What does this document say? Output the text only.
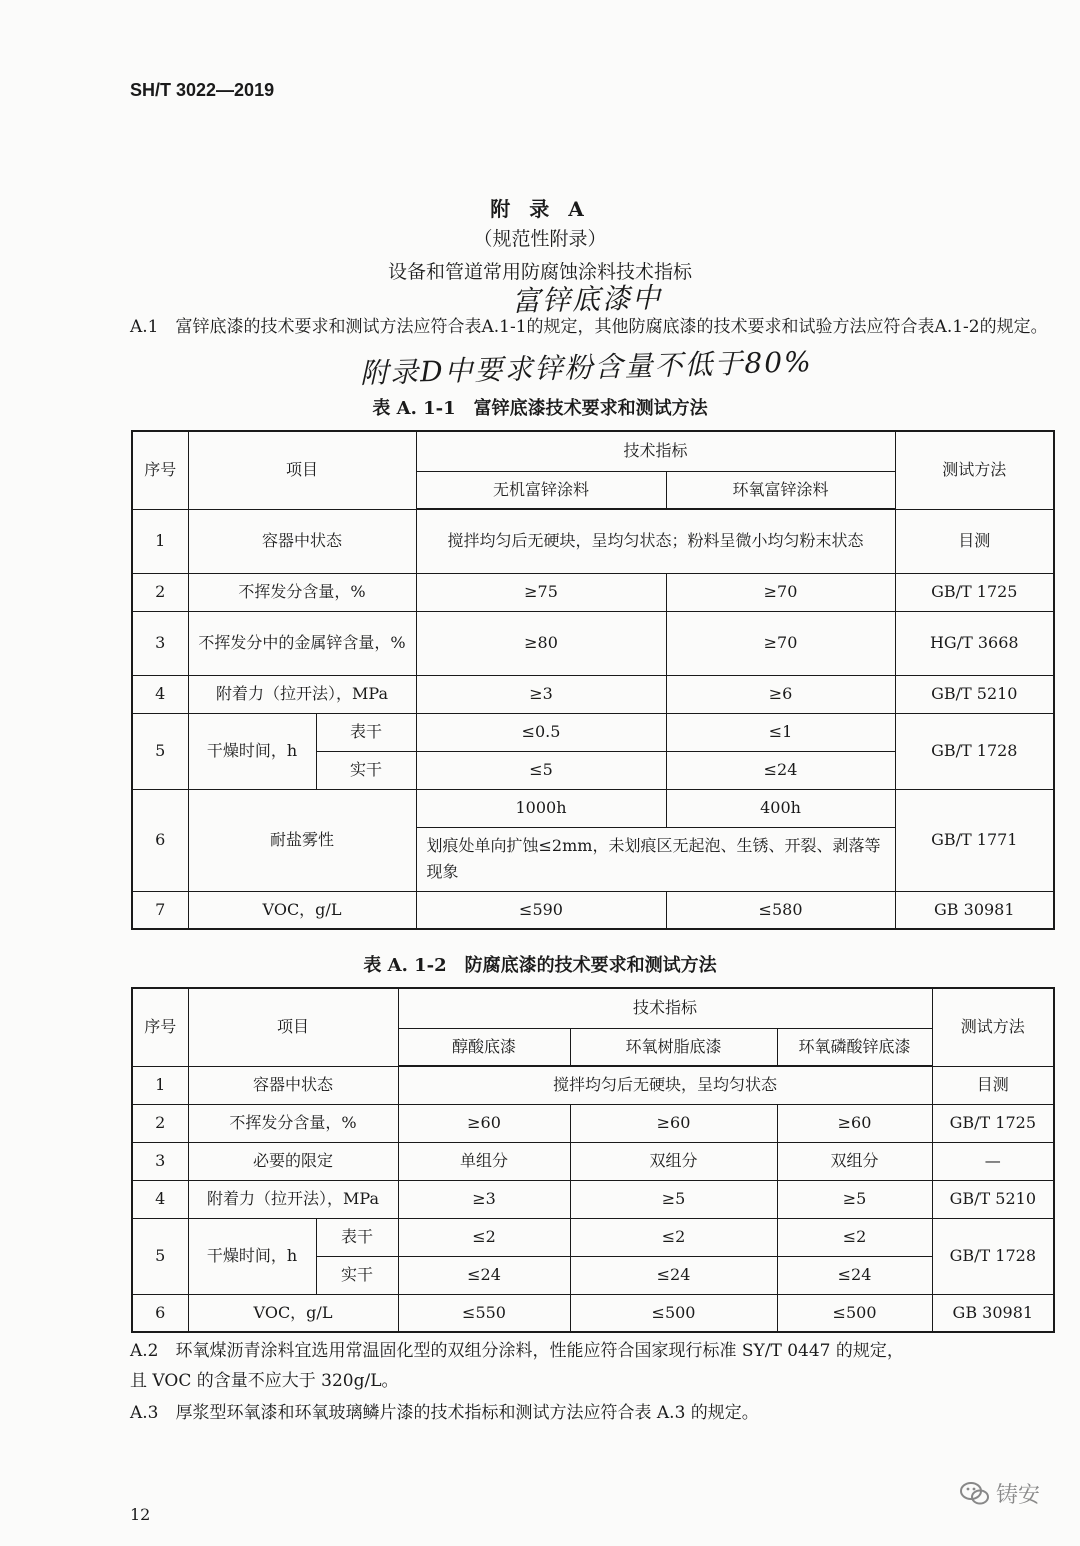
SH/T 3022—2019
附 录 A
（规范性附录）
设备和管道常用防腐蚀涂料技术指标
富锌底漆中
A.1　富锌底漆的技术要求和测试方法应符合表A.1-1的规定，其他防腐底漆的技术要求和试验方法应符合表A.1-2的规定。
附录D中要求锌粉含量不低于80%
表 A. 1-1　富锌底漆技术要求和测试方法
序号	项目		技术指标		测试方法
			无机富锌涂料	环氧富锌涂料	
1	容器中状态		搅拌均匀后无硬块，呈均匀状态；粉料呈微小均匀粉末状态		目测
2	不挥发分含量，%		≥75	≥70	GB/T 1725
3	不挥发分中的金属锌含量，%		≥80	≥70	HG/T 3668
4	附着力（拉开法），MPa		≥3	≥6	GB/T 5210
5	干燥时间，h	表干	≤0.5	≤1	GB/T 1728
		实干	≤5	≤24	
6	耐盐雾性		1000h	400h	GB/T 1771
			划痕处单向扩蚀≤2mm，未划痕区无起泡、生锈、开裂、剥落等现象		
7	VOC，g/L		≤590	≤580	GB 30981
表 A. 1-2　防腐底漆的技术要求和测试方法
序号	项目		技术指标			测试方法
			醇酸底漆	环氧树脂底漆	环氧磷酸锌底漆	
1	容器中状态		搅拌均匀后无硬块，呈均匀状态			目测
2	不挥发分含量，%		≥60	≥60	≥60	GB/T 1725
3	必要的限定		单组分	双组分	双组分	—
4	附着力（拉开法），MPa		≥3	≥5	≥5	GB/T 5210
5	干燥时间，h	表干	≤2	≤2	≤2	GB/T 1728
		实干	≤24	≤24	≤24	
6	VOC，g/L		≤550	≤500	≤500	GB 30981
A.2　环氧煤沥青涂料宜选用常温固化型的双组分涂料，性能应符合国家现行标准 SY/T 0447 的规定，
且 VOC 的含量不应大于 320g/L。
A.3　厚浆型环氧漆和环氧玻璃鳞片漆的技术指标和测试方法应符合表 A.3 的规定。
12
铸安
